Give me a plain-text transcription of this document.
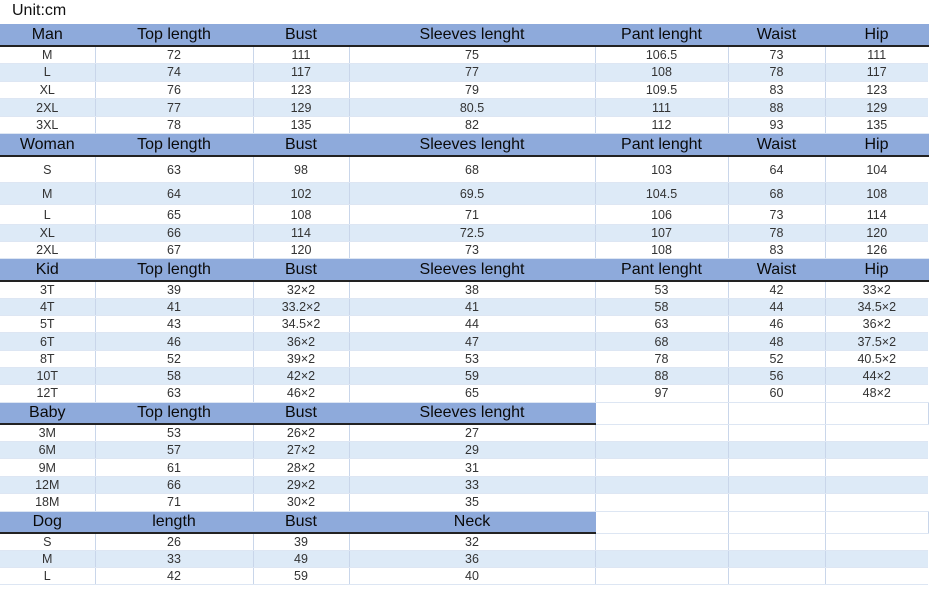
Unit:cm
Man	Top length	Bust	Sleeves lenght	Pant lenght	Waist	Hip
M	72	111	75	106.5	73	111
L	74	117	77	108	78	117
XL	76	123	79	109.5	83	123
2XL	77	129	80.5	111	88	129
3XL	78	135	82	112	93	135
Woman	Top length	Bust	Sleeves lenght	Pant lenght	Waist	Hip
S	63	98	68	103	64	104
M	64	102	69.5	104.5	68	108
L	65	108	71	106	73	114
XL	66	114	72.5	107	78	120
2XL	67	120	73	108	83	126
Kid	Top length	Bust	Sleeves lenght	Pant lenght	Waist	Hip
3T	39	32×2	38	53	42	33×2
4T	41	33.2×2	41	58	44	34.5×2
5T	43	34.5×2	44	63	46	36×2
6T	46	36×2	47	68	48	37.5×2
8T	52	39×2	53	78	52	40.5×2
10T	58	42×2	59	88	56	44×2
12T	63	46×2	65	97	60	48×2
Baby	Top length	Bust	Sleeves lenght			
3M	53	26×2	27			
6M	57	27×2	29			
9M	61	28×2	31			
12M	66	29×2	33			
18M	71	30×2	35			
Dog	length	Bust	Neck			
S	26	39	32			
M	33	49	36			
L	42	59	40			
